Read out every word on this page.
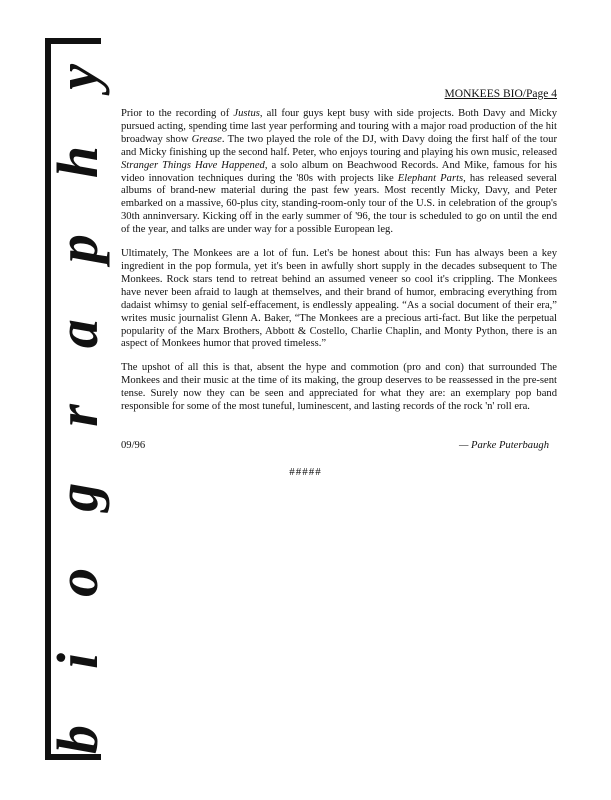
biography
MONKEES BIO/Page 4

Prior to the recording of Justus, all four guys kept busy with side projects. Both Davy and Micky pursued acting, spending time last year performing and touring with a major road production of the hit broadway show Grease. The two played the role of the DJ, with Davy doing the first half of the tour and Micky finishing up the second half. Peter, who enjoys touring and playing his own music, released Stranger Things Have Happened, a solo album on Beachwood Records. And Mike, famous for his video innovation techniques during the '80s with projects like Elephant Parts, has released several albums of brand-new material during the past few years. Most recently Micky, Davy, and Peter embarked on a massive, 60-plus city, standing-room-only tour of the U.S. in celebration of the group's 30th anninversary. Kicking off in the early summer of '96, the tour is scheduled to go on until the end of the year, and talks are under way for a possible European leg.

Ultimately, The Monkees are a lot of fun. Let's be honest about this: Fun has always been a key ingredient in the pop formula, yet it's been in awfully short supply in the decades subsequent to The Monkees. Rock stars tend to retreat behind an assumed veneer so cool it's crippling. The Monkees have never been afraid to laugh at themselves, and their brand of humor, embracing everything from dadaist whimsy to genial self-effacement, is endlessly appealing. “As a social document of their era,” writes music journalist Glenn A. Baker, “The Monkees are a precious arti-fact. But like the perpetual popularity of the Marx Brothers, Abbott & Costello, Charlie Chaplin, and Monty Python, there is an aspect of Monkees humor that proved timeless.”

The upshot of all this is that, absent the hype and commotion (pro and con) that surrounded The Monkees and their music at the time of its making, the group deserves to be reassessed in the pre-sent tense. Surely now they can be seen and appreciated for what they are: an exemplary pop band responsible for some of the most tuneful, luminescent, and lasting records of the rock 'n' roll era.

09/96	— Parke Puterbaugh
#####
